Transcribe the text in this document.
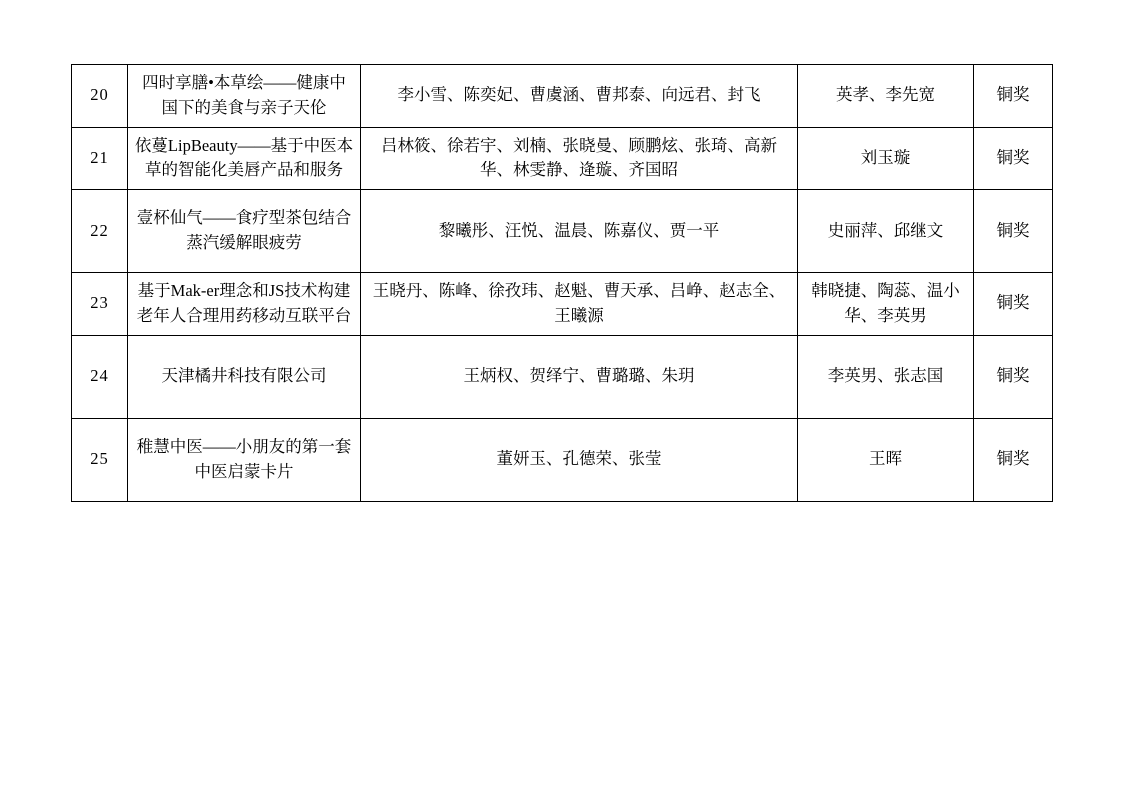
20	四时享膳•本草绘——健康中国下的美食与亲子天伦	李小雪、陈奕妃、曹虞涵、曹邦泰、向远君、封飞	英孝、李先宽	铜奖
21	依蔓LipBeauty——基于中医本草的智能化美唇产品和服务	吕林筱、徐若宇、刘楠、张晓曼、顾鹏炫、张琦、高新华、林雯静、逄璇、齐国昭	刘玉璇	铜奖
22	壹杯仙气——食疗型茶包结合蒸汽缓解眼疲劳	黎曦彤、汪悦、温晨、陈嘉仪、贾一平	史丽萍、邱继文	铜奖
23	基于Mak-er理念和JS技术构建老年人合理用药移动互联平台	王晓丹、陈峰、徐孜玮、赵魁、曹天承、吕峥、赵志全、王曦源	韩晓捷、陶蕊、温小华、李英男	铜奖
24	天津橘井科技有限公司	王炳权、贺绎宁、曹璐璐、朱玥	李英男、张志国	铜奖
25	稚慧中医——小朋友的第一套中医启蒙卡片	董妍玉、孔德荣、张莹	王晖	铜奖
